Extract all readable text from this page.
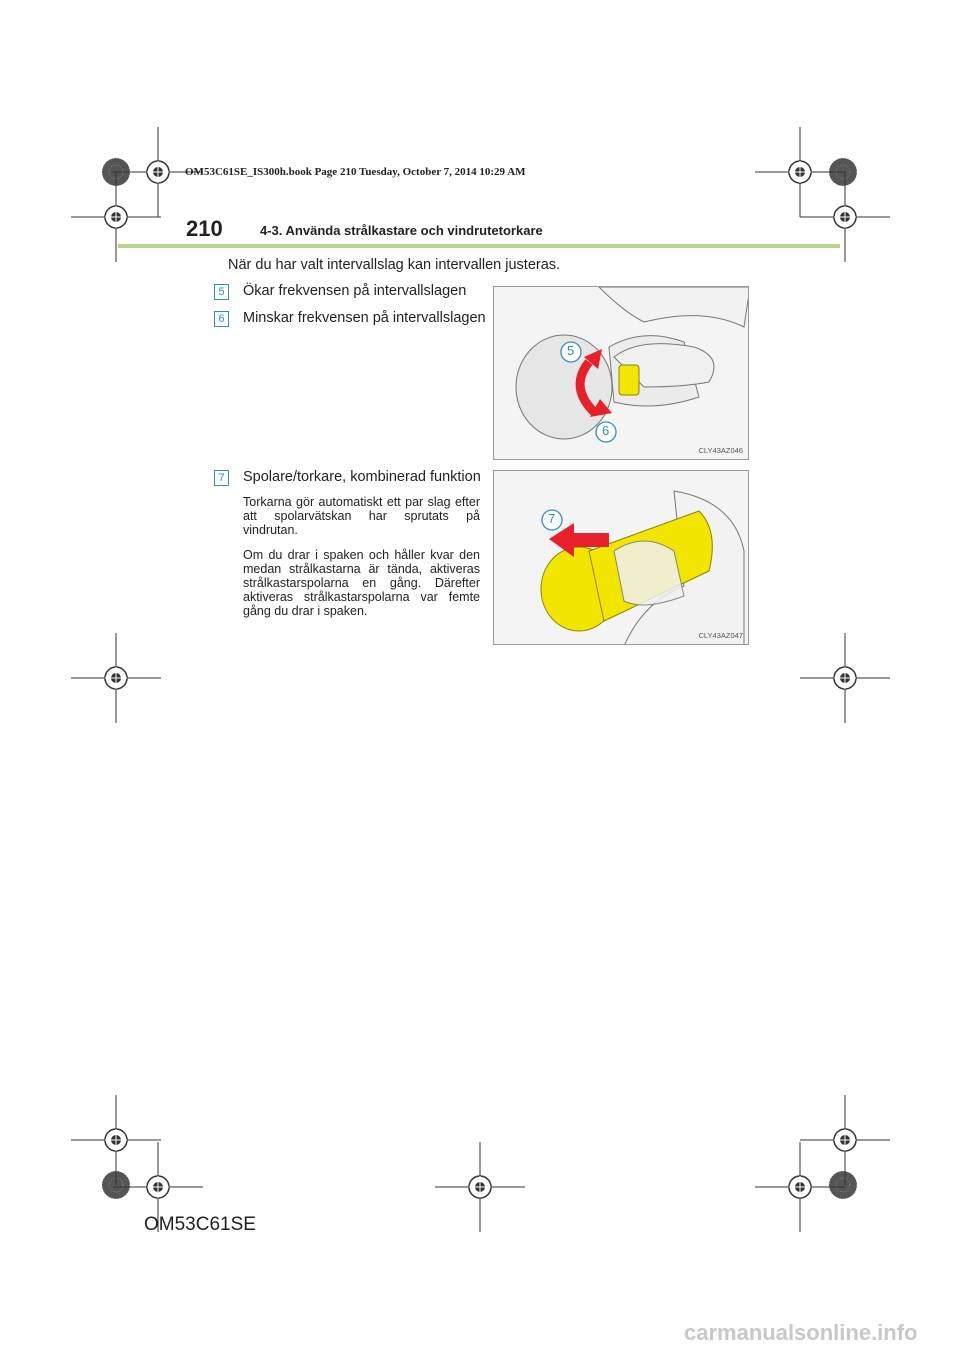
OM53C61SE_IS300h.book Page 210 Tuesday, October 7, 2014 10:29 AM
210	4-3. Använda strålkastare och vindrutetorkare
När du har valt intervallslag kan intervallen justeras.
5	Ökar frekvensen på intervallslagen
6	Minskar frekvensen på intervallslagen
7	Spolare/torkare, kombinerad funktion
Torkarna gör automatiskt ett par slag efter att spolarvätskan har sprutats på vindrutan.
Om du drar i spaken och håller kvar den medan strålkastarna är tända, aktiveras strålkastarspolarna en gång. Därefter aktiveras strålkastarspolarna var femte gång du drar i spaken.
5
6
CLY43AZ046
7
CLY43AZ047
OM53C61SE
carmanualsonline.info
